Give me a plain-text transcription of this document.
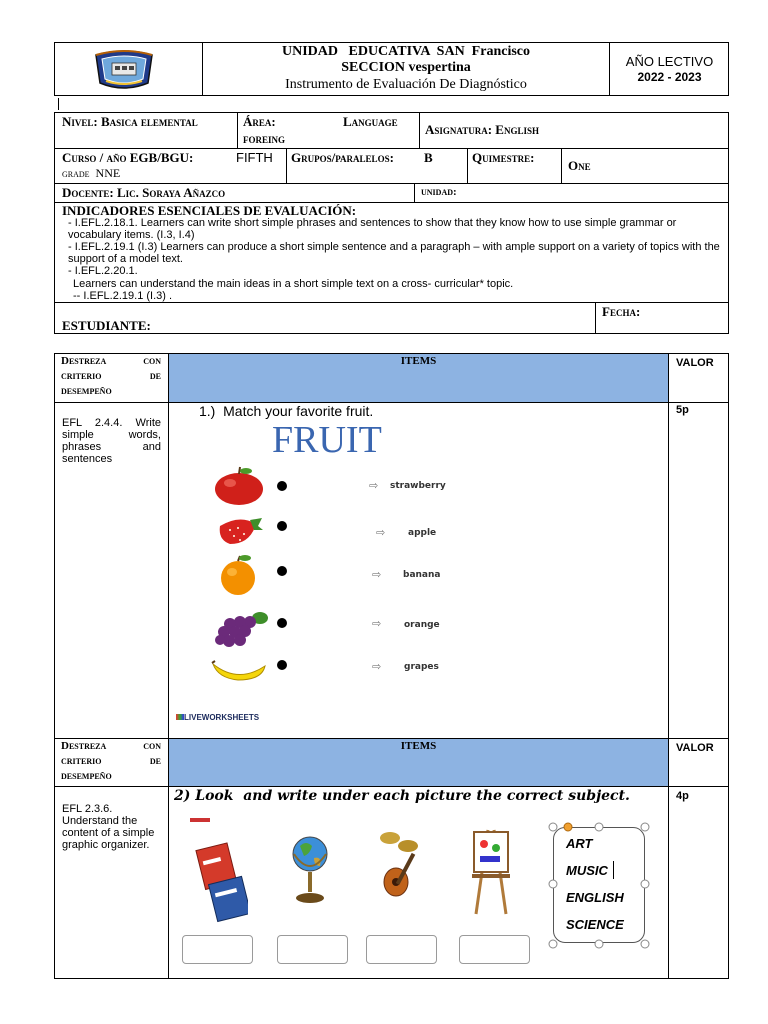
UNIDAD   EDUCATIVA  SAN  Francisco
SECCION vespertina
Instrumento de Evaluación De Diagnóstico
AÑO LECTIVO
2022 - 2023
Nivel: Basica elemental	Área:	Language
foreing
Asignatura: English
Curso / año EGB/BGU:	FIFTH
grade  NNE
Grupos/paralelos: B	Quimestre:
One
Docente: Lic. Soraya Añazco	unidad:
INDICADORES ESENCIALES DE EVALUACIÓN:
- I.EFL.2.18.1. Learners can write short simple phrases and sentences to show that they know how to use simple grammar or vocabulary items. (I.3, I.4)
- I.EFL.2.19.1 (I.3) Learners can produce a short simple sentence and a paragraph – with ample support on a variety of topics with the support of a model text.
- I.EFL.2.20.1.
Learners can understand the main ideas in a short simple text on a cross- curricular* topic.
-- I.EFL.2.19.1 (I.3) .
Fecha:
ESTUDIANTE:
Destreza con criterio de desempeño
ITEMS	VALOR
EFL 2.4.4. Write simple words, phrases and sentences
1.)  Match your favorite fruit.	5p
FRUIT
⇨ strawberry
⇨	apple
⇨ banana
⇨	orange
⇨	grapes
LIVEWORKSHEETS
Destreza con criterio de desempeño
ITEMS	VALOR
EFL 2.3.6. Understand the content of a simple graphic organizer.
2) Look  and write under each picture the correct subject.	4p
ART
MUSIC
ENGLISH
SCIENCE
